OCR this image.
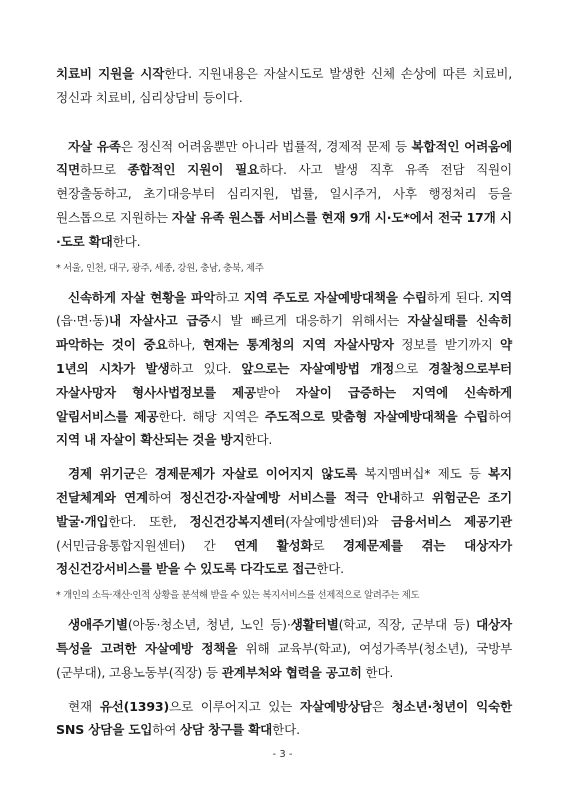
치료비 지원을 시작한다. 지원내용은 자살시도로 발생한 신체 손상에 따른 치료비, 정신과 치료비, 심리상담비 등이다.

자살 유족은 정신적 어려움뿐만 아니라 법률적, 경제적 문제 등 복합적인 어려움에 직면하므로 종합적인 지원이 필요하다. 사고 발생 직후 유족 전담 직원이 현장출동하고, 초기대응부터 심리지원, 법률, 일시주거, 사후 행정처리 등을 원스톱으로 지원하는 자살 유족 원스톱 서비스를 현재 9개 시·도*에서 전국 17개 시·도로 확대한다.

* 서울, 인천, 대구, 광주, 세종, 강원, 충남, 충북, 제주

신속하게 자살 현황을 파악하고 지역 주도로 자살예방대책을 수립하게 된다. 지역(읍·면·동)내 자살사고 급증시 발 빠르게 대응하기 위해서는 자살실태를 신속히 파악하는 것이 중요하나, 현재는 통계청의 지역 자살사망자 정보를 받기까지 약 1년의 시차가 발생하고 있다. 앞으로는 자살예방법 개정으로 경찰청으로부터 자살사망자 형사사법정보를 제공받아 자살이 급증하는 지역에 신속하게 알림서비스를 제공한다. 해당 지역은 주도적으로 맞춤형 자살예방대책을 수립하여 지역 내 자살이 확산되는 것을 방지한다.

경제 위기군은 경제문제가 자살로 이어지지 않도록 복지멤버십* 제도 등 복지 전달체계와 연계하여 정신건강·자살예방 서비스를 적극 안내하고 위험군은 조기 발굴·개입한다. 또한, 정신건강복지센터(자살예방센터)와 금융서비스 제공기관(서민금융통합지원센터) 간 연계 활성화로 경제문제를 겪는 대상자가 정신건강서비스를 받을 수 있도록 다각도로 접근한다.

* 개인의 소득·재산·인적 상황을 분석해 받을 수 있는 복지서비스를 선제적으로 알려주는 제도

생애주기별(아동·청소년, 청년, 노인 등)·생활터별(학교, 직장, 군부대 등) 대상자 특성을 고려한 자살예방 정책을 위해 교육부(학교), 여성가족부(청소년), 국방부(군부대), 고용노동부(직장) 등 관계부처와 협력을 공고히 한다.

현재 유선(1393)으로 이루어지고 있는 자살예방상담은 청소년·청년이 익숙한 SNS 상담을 도입하여 상담 창구를 확대한다.

- 3 -
